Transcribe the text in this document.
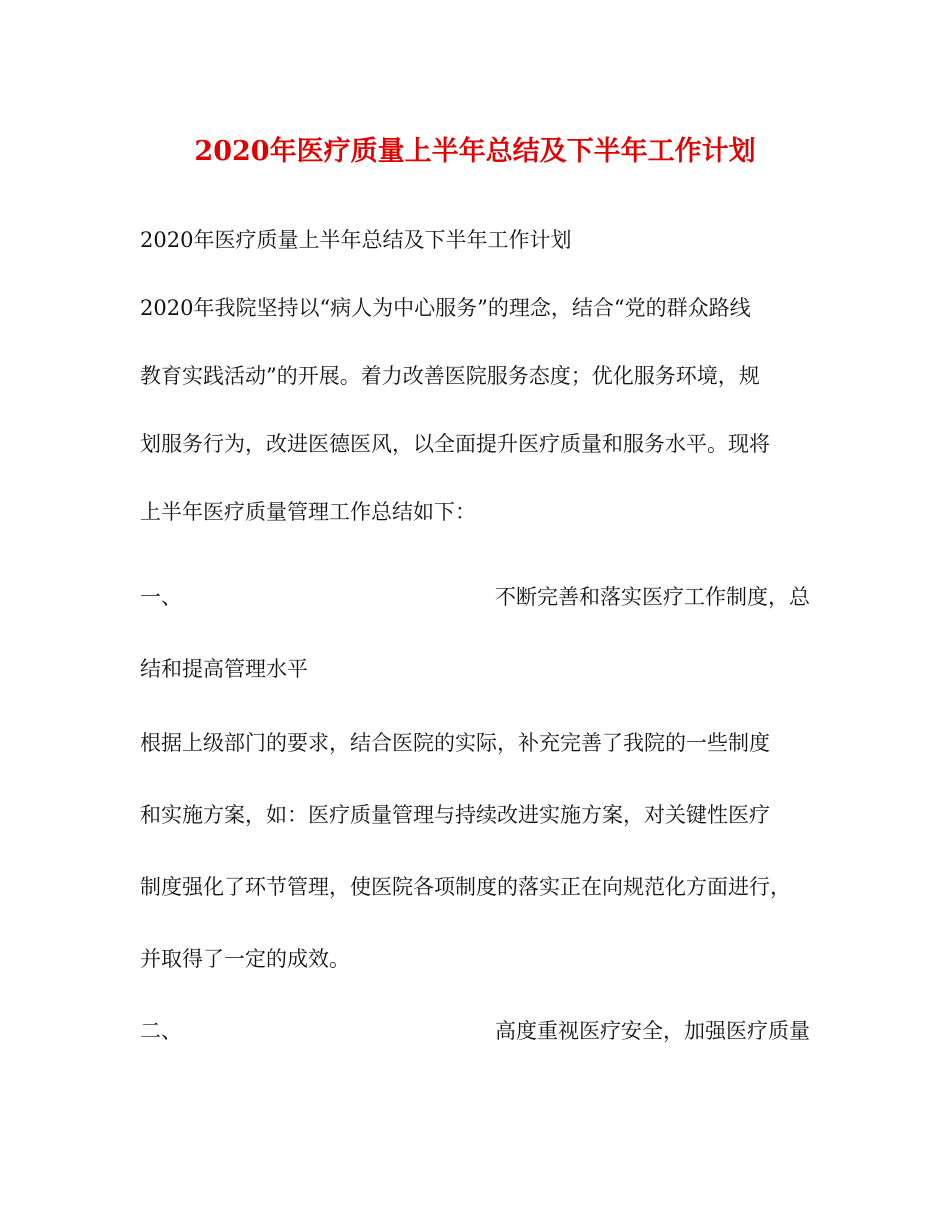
2020年医疗质量上半年总结及下半年工作计划
2020年医疗质量上半年总结及下半年工作计划
2020年我院坚持以“病人为中心服务”的理念，结合“党的群众路线
教育实践活动”的开展。着力改善医院服务态度；优化服务环境，规
划服务行为，改进医德医风，以全面提升医疗质量和服务水平。现将
上半年医疗质量管理工作总结如下：
一、	不断完善和落实医疗工作制度，总
结和提高管理水平
根据上级部门的要求，结合医院的实际，补充完善了我院的一些制度
和实施方案，如：医疗质量管理与持续改进实施方案，对关键性医疗
制度强化了环节管理，使医院各项制度的落实正在向规范化方面进行，
并取得了一定的成效。
二、	高度重视医疗安全，加强医疗质量
